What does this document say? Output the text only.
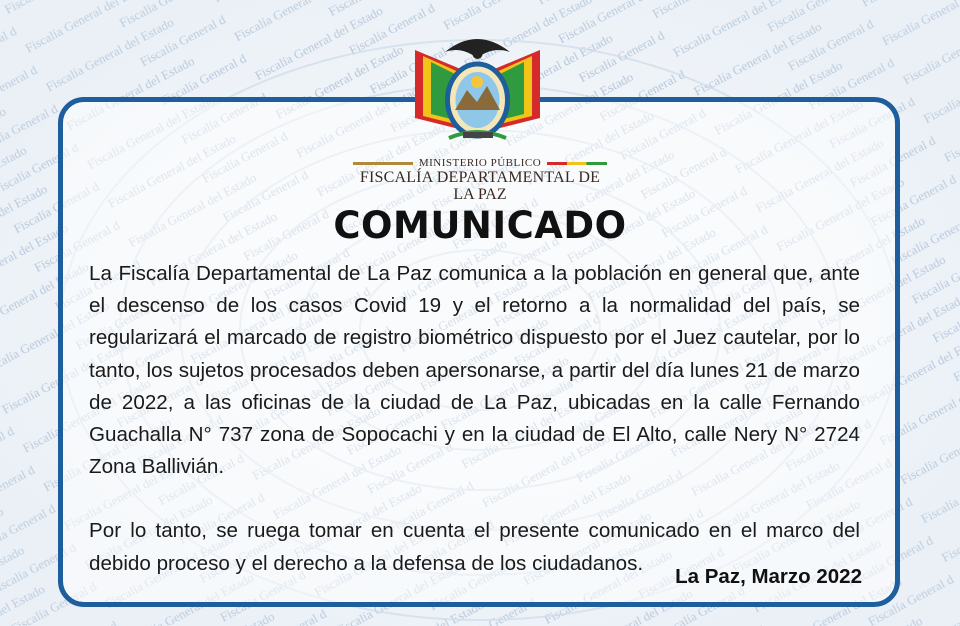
MINISTERIO PÚBLICO
FISCALÍA DEPARTAMENTAL DE
LA PAZ
COMUNICADO

La Fiscalía Departamental de La Paz comunica a la población en general que, ante el descenso de los casos Covid 19 y el retorno a la normalidad del país, se regularizará el marcado de registro biométrico dispuesto por el Juez cautelar, por lo tanto, los sujetos procesados deben apersonarse, a partir del día lunes 21 de marzo de 2022, a las oficinas de la ciudad de La Paz, ubicadas en la calle Fernando Guachalla N° 737 zona de Sopocachi y en la ciudad de El Alto, calle Nery N° 2724 Zona Ballivián.

Por lo tanto, se ruega tomar en cuenta el presente comunicado en el marco del debido proceso y el derecho a la defensa de los ciudadanos.

La Paz, Marzo 2022
